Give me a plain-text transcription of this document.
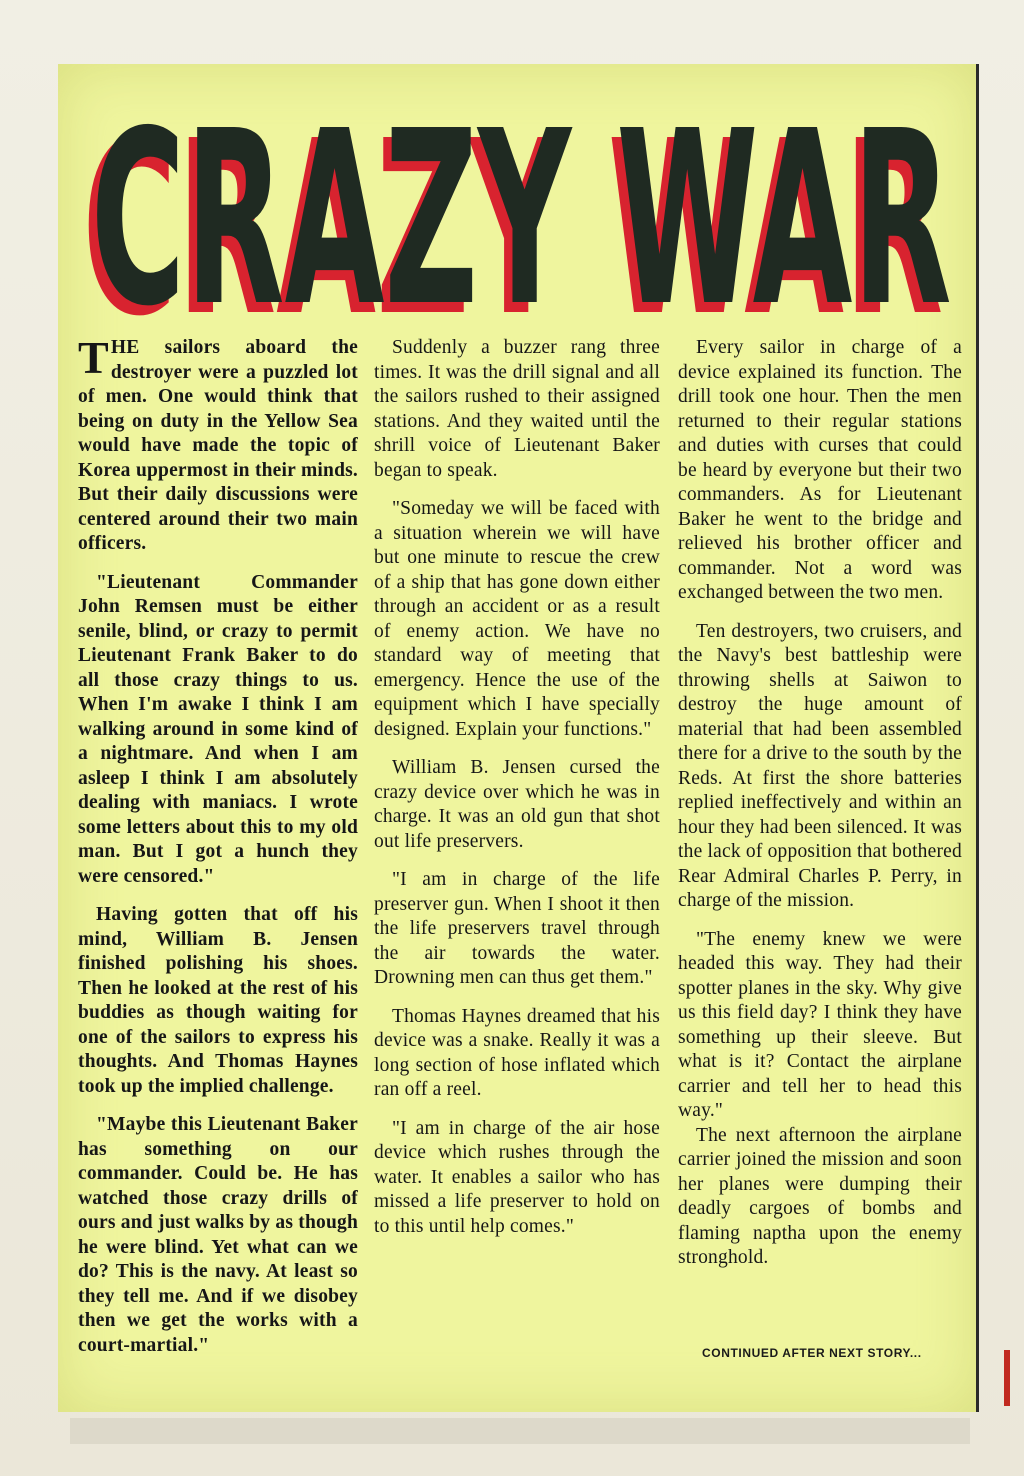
CRAZY WAR
CRAZY WAR

THE sailors aboard the destroyer were a puzzled lot of men. One would think that being on duty in the Yellow Sea would have made the topic of Korea uppermost in their minds. But their daily discussions were centered around their two main officers.

"Lieutenant Commander John Remsen must be either senile, blind, or crazy to permit Lieutenant Frank Baker to do all those crazy things to us. When I'm awake I think I am walking around in some kind of a nightmare. And when I am asleep I think I am absolutely dealing with maniacs. I wrote some letters about this to my old man. But I got a hunch they were censored."

Having gotten that off his mind, William B. Jensen finished polishing his shoes. Then he looked at the rest of his buddies as though waiting for one of the sailors to express his thoughts. And Thomas Haynes took up the implied challenge.

"Maybe this Lieutenant Baker has something on our commander. Could be. He has watched those crazy drills of ours and just walks by as though he were blind. Yet what can we do? This is the navy. At least so they tell me. And if we disobey then we get the works with a court-martial."

Suddenly a buzzer rang three times. It was the drill signal and all the sailors rushed to their assigned stations. And they waited until the shrill voice of Lieutenant Baker began to speak.

"Someday we will be faced with a situation wherein we will have but one minute to rescue the crew of a ship that has gone down either through an accident or as a result of enemy action. We have no standard way of meeting that emergency. Hence the use of the equipment which I have specially designed. Explain your functions."

William B. Jensen cursed the crazy device over which he was in charge. It was an old gun that shot out life preservers.

"I am in charge of the life preserver gun. When I shoot it then the life preservers travel through the air towards the water. Drowning men can thus get them."

Thomas Haynes dreamed that his device was a snake. Really it was a long section of hose inflated which ran off a reel.

"I am in charge of the air hose device which rushes through the water. It enables a sailor who has missed a life preserver to hold on to this until help comes."

Every sailor in charge of a device explained its function. The drill took one hour. Then the men returned to their regular stations and duties with curses that could be heard by everyone but their two commanders. As for Lieutenant Baker he went to the bridge and relieved his brother officer and commander. Not a word was exchanged between the two men.

Ten destroyers, two cruisers, and the Navy's best battleship were throwing shells at Saiwon to destroy the huge amount of material that had been assembled there for a drive to the south by the Reds. At first the shore batteries replied ineffectively and within an hour they had been silenced. It was the lack of opposition that bothered Rear Admiral Charles P. Perry, in charge of the mission.

"The enemy knew we were headed this way. They had their spotter planes in the sky. Why give us this field day? I think they have something up their sleeve. But what is it? Contact the airplane carrier and tell her to head this way."

The next afternoon the airplane carrier joined the mission and soon her planes were dumping their deadly cargoes of bombs and flaming naptha upon the enemy stronghold.

CONTINUED AFTER NEXT STORY...
